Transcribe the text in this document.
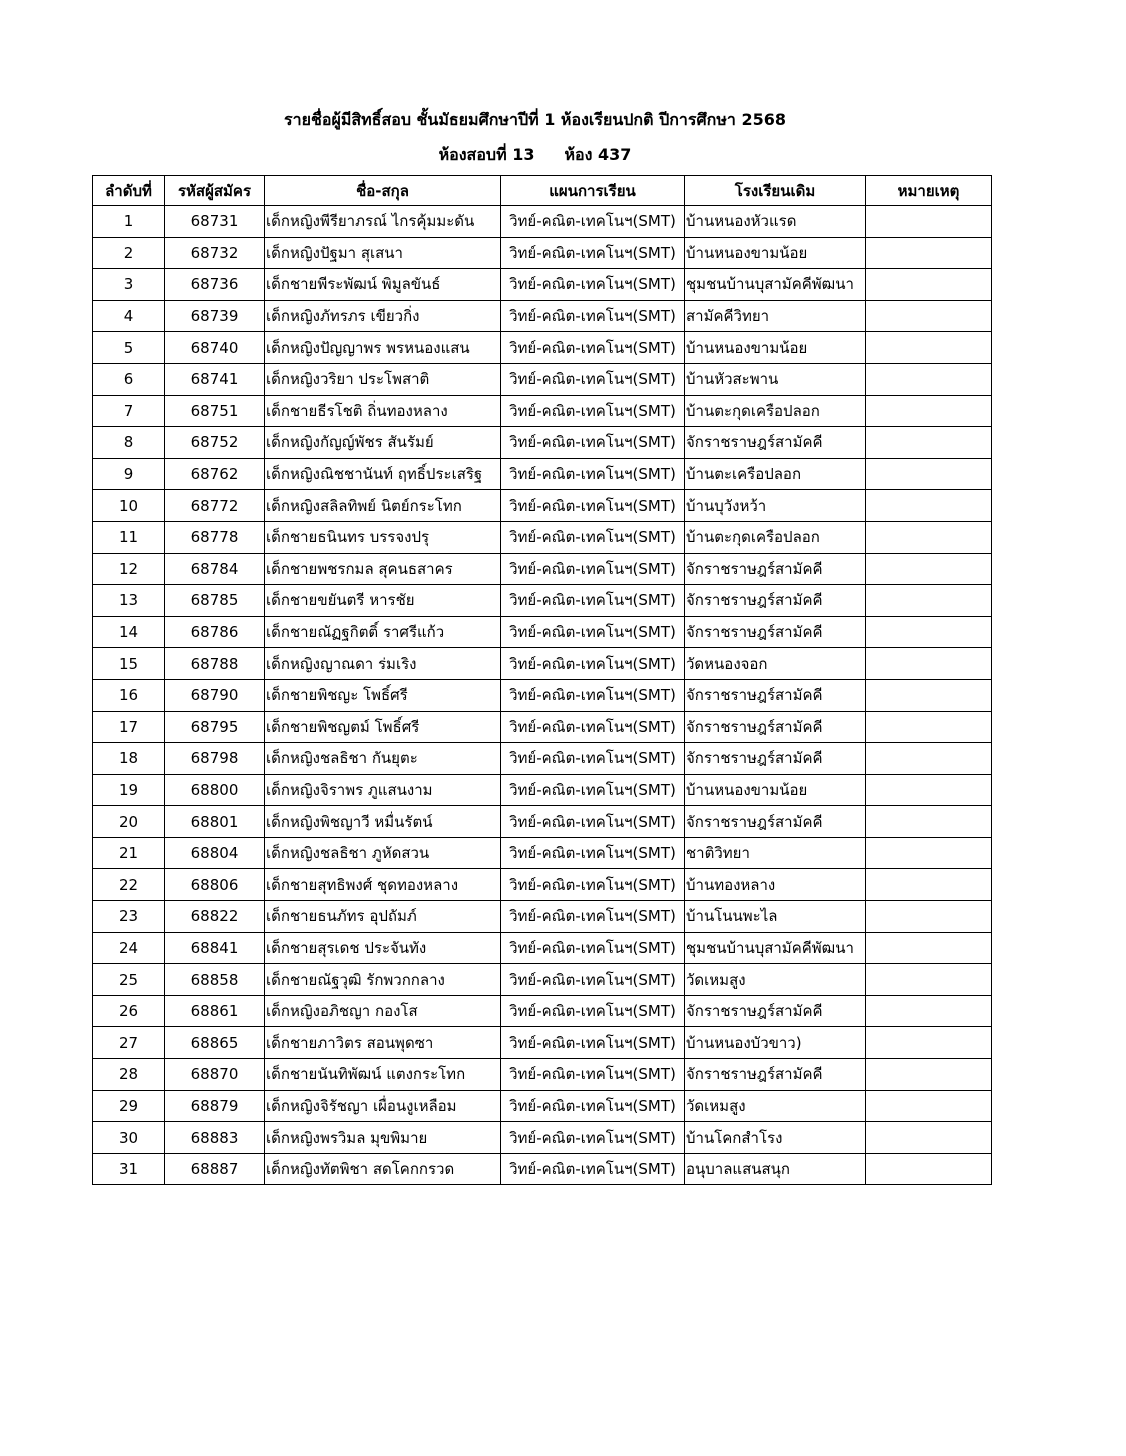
รายชื่อผู้มีสิทธิ์สอบ ชั้นมัธยมศึกษาปีที่ 1 ห้องเรียนปกติ ปีการศึกษา 2568
ห้องสอบที่ 13 ห้อง 437
ลำดับที่	รหัสผู้สมัคร	ชื่อ-สกุล	แผนการเรียน	โรงเรียนเดิม	หมายเหตุ
1	68731	เด็กหญิงพีรียาภรณ์ ไกรคุ้มมะดัน	วิทย์-คณิต-เทคโนฯ(SMT)	บ้านหนองหัวแรด	
2	68732	เด็กหญิงปัฐมา สุเสนา	วิทย์-คณิต-เทคโนฯ(SMT)	บ้านหนองขามน้อย	
3	68736	เด็กชายพีระพัฒน์ พิมูลขันธ์	วิทย์-คณิต-เทคโนฯ(SMT)	ชุมชนบ้านบุสามัคคีพัฒนา	
4	68739	เด็กหญิงภัทรภร เขียวกิ่ง	วิทย์-คณิต-เทคโนฯ(SMT)	สามัคคีวิทยา	
5	68740	เด็กหญิงปัญญาพร พรหนองแสน	วิทย์-คณิต-เทคโนฯ(SMT)	บ้านหนองขามน้อย	
6	68741	เด็กหญิงวริยา ประโพสาติ	วิทย์-คณิต-เทคโนฯ(SMT)	บ้านหัวสะพาน	
7	68751	เด็กชายธีรโชติ ถิ่นทองหลาง	วิทย์-คณิต-เทคโนฯ(SMT)	บ้านตะกุดเครือปลอก	
8	68752	เด็กหญิงกัญญ์พัชร สันรัมย์	วิทย์-คณิต-เทคโนฯ(SMT)	จักราชราษฎร์สามัคคี	
9	68762	เด็กหญิงณิชชานันท์ ฤทธิ์ประเสริฐ	วิทย์-คณิต-เทคโนฯ(SMT)	บ้านตะเครือปลอก	
10	68772	เด็กหญิงสลิลทิพย์ นิตย์กระโทก	วิทย์-คณิต-เทคโนฯ(SMT)	บ้านบุวังหว้า	
11	68778	เด็กชายธนินทร บรรจงปรุ	วิทย์-คณิต-เทคโนฯ(SMT)	บ้านตะกุดเครือปลอก	
12	68784	เด็กชายพชรกมล สุคนธสาคร	วิทย์-คณิต-เทคโนฯ(SMT)	จักราชราษฎร์สามัคคี	
13	68785	เด็กชายขยันตรี หารชัย	วิทย์-คณิต-เทคโนฯ(SMT)	จักราชราษฎร์สามัคคี	
14	68786	เด็กชายณัฏฐกิตติ์ ราศรีแก้ว	วิทย์-คณิต-เทคโนฯ(SMT)	จักราชราษฎร์สามัคคี	
15	68788	เด็กหญิงญาณดา ร่มเริง	วิทย์-คณิต-เทคโนฯ(SMT)	วัดหนองจอก	
16	68790	เด็กชายพิชญะ โพธิ์ศรี	วิทย์-คณิต-เทคโนฯ(SMT)	จักราชราษฎร์สามัคคี	
17	68795	เด็กชายพิชญตม์ โพธิ์ศรี	วิทย์-คณิต-เทคโนฯ(SMT)	จักราชราษฎร์สามัคคี	
18	68798	เด็กหญิงชลธิชา กันยุตะ	วิทย์-คณิต-เทคโนฯ(SMT)	จักราชราษฎร์สามัคคี	
19	68800	เด็กหญิงจิราพร ภูแสนงาม	วิทย์-คณิต-เทคโนฯ(SMT)	บ้านหนองขามน้อย	
20	68801	เด็กหญิงพิชญาวี หมื่นรัตน์	วิทย์-คณิต-เทคโนฯ(SMT)	จักราชราษฎร์สามัคคี	
21	68804	เด็กหญิงชลธิชา ภูหัดสวน	วิทย์-คณิต-เทคโนฯ(SMT)	ชาติวิทยา	
22	68806	เด็กชายสุทธิพงศ์ ชุดทองหลาง	วิทย์-คณิต-เทคโนฯ(SMT)	บ้านทองหลาง	
23	68822	เด็กชายธนภัทร อุปถัมภ์	วิทย์-คณิต-เทคโนฯ(SMT)	บ้านโนนพะไล	
24	68841	เด็กชายสุรเดช ประจันทัง	วิทย์-คณิต-เทคโนฯ(SMT)	ชุมชนบ้านบุสามัคคีพัฒนา	
25	68858	เด็กชายณัฐวุฒิ รักพวกกลาง	วิทย์-คณิต-เทคโนฯ(SMT)	วัดเหมสูง	
26	68861	เด็กหญิงอภิชญา กองโส	วิทย์-คณิต-เทคโนฯ(SMT)	จักราชราษฎร์สามัคคี	
27	68865	เด็กชายภาวิตร สอนพุดซา	วิทย์-คณิต-เทคโนฯ(SMT)	บ้านหนองบัวขาว)	
28	68870	เด็กชายนันทิพัฒน์ แตงกระโทก	วิทย์-คณิต-เทคโนฯ(SMT)	จักราชราษฎร์สามัคคี	
29	68879	เด็กหญิงจิรัชญา เผื่อนงูเหลือม	วิทย์-คณิต-เทคโนฯ(SMT)	วัดเหมสูง	
30	68883	เด็กหญิงพรวิมล มุขพิมาย	วิทย์-คณิต-เทคโนฯ(SMT)	บ้านโคกสำโรง	
31	68887	เด็กหญิงทัตพิชา สดโคกกรวด	วิทย์-คณิต-เทคโนฯ(SMT)	อนุบาลแสนสนุก	
